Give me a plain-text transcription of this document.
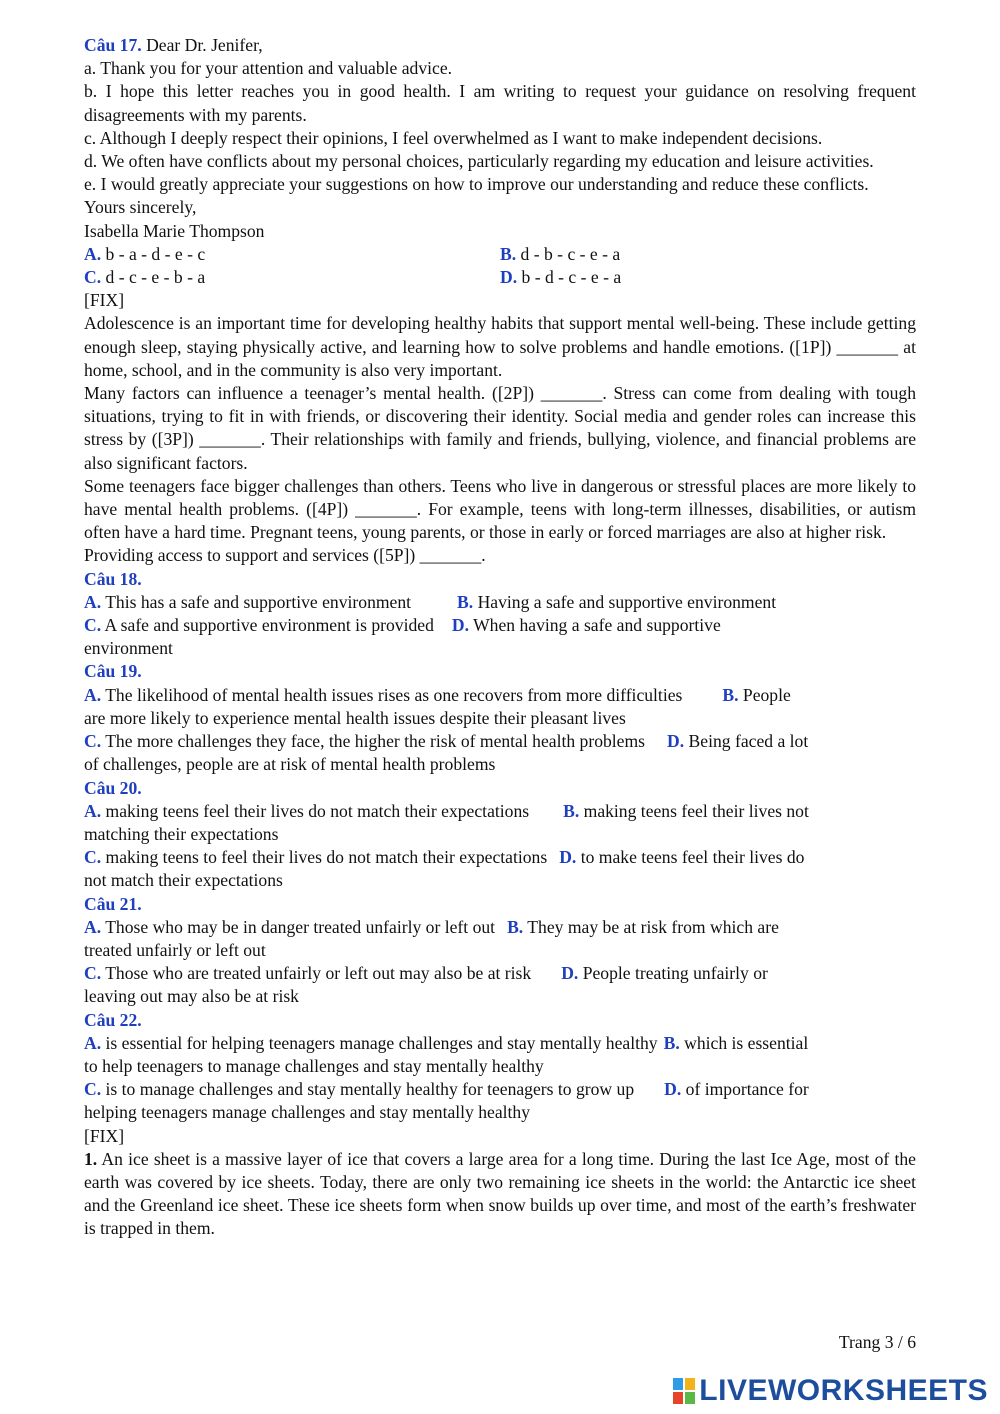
Câu 17. Dear Dr. Jenifer,

a. Thank you for your attention and valuable advice.

b. I hope this letter reaches you in good health. I am writing to request your guidance on resolving frequent disagreements with my parents.

c. Although I deeply respect their opinions, I feel overwhelmed as I want to make independent decisions.

d. We often have conflicts about my personal choices, particularly regarding my education and leisure activities.

e. I would greatly appreciate your suggestions on how to improve our understanding and reduce these conflicts.

Yours sincerely,

Isabella Marie Thompson

A. b - a - d - e - c	B. d - b - c - e - a
C. d - c - e - b - a	D. b - d - c - e - a

[FIX]

Adolescence is an important time for developing healthy habits that support mental well-being. These include getting enough sleep, staying physically active, and learning how to solve problems and handle emotions. ([1P]) _______ at home, school, and in the community is also very important.

Many factors can influence a teenager’s mental health. ([2P]) _______. Stress can come from dealing with tough situations, trying to fit in with friends, or discovering their identity. Social media and gender roles can increase this stress by ([3P]) _______. Their relationships with family and friends, bullying, violence, and financial problems are also significant factors.

Some teenagers face bigger challenges than others. Teens who live in dangerous or stressful places are more likely to have mental health problems. ([4P]) _______. For example, teens with long-term illnesses, disabilities, or autism often have a hard time. Pregnant teens, young parents, or those in early or forced marriages are also at higher risk.

Providing access to support and services ([5P]) _______.

Câu 18.

A. This has a safe and supportive environment	B. Having a safe and supportive environment

C. A safe and supportive environment is provided D. When having a safe and supportive

environment

Câu 19.

A. The likelihood of mental health issues rises as one recovers from more difficulties B. People

are more likely to experience mental health issues despite their pleasant lives

C. The more challenges they face, the higher the risk of mental health problems D. Being faced a lot

of challenges, people are at risk of mental health problems

Câu 20.

A. making teens feel their lives do not match their expectations B. making teens feel their lives not

matching their expectations

C. making teens to feel their lives do not match their expectations D. to make teens feel their lives do

not match their expectations

Câu 21.

A. Those who may be in danger treated unfairly or left out B. They may be at risk from which are

treated unfairly or left out

C. Those who are treated unfairly or left out may also be at risk D. People treating unfairly or

leaving out may also be at risk

Câu 22.

A. is essential for helping teenagers manage challenges and stay mentally healthy B. which is essential

to help teenagers to manage challenges and stay mentally healthy

C. is to manage challenges and stay mentally healthy for teenagers to grow up D. of importance for

helping teenagers manage challenges and stay mentally healthy

[FIX]

1. An ice sheet is a massive layer of ice that covers a large area for a long time. During the last Ice Age, most of the earth was covered by ice sheets. Today, there are only two remaining ice sheets in the world: the Antarctic ice sheet and the Greenland ice sheet. These ice sheets form when snow builds up over time, and most of the earth’s freshwater is trapped in them.

Trang 3 / 6
LIVEWORKSHEETS
